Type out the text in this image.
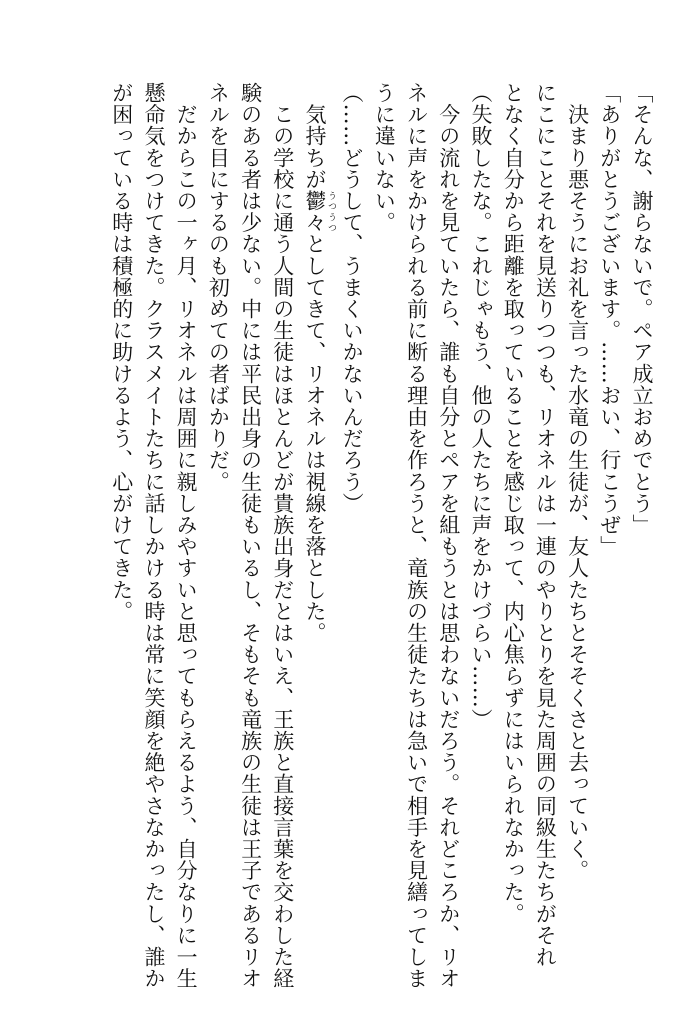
「そんな、謝らないで。ペア成立おめでとう」
「ありがとうございます。……おい、行こうぜ」
　決まり悪そうにお礼を言った水竜の生徒が、友人たちとそそくさと去っていく。
にこにことそれを見送りつつも、リオネルは一連のやりとりを見た周囲の同級生たちがそれ
となく自分から距離を取っていることを感じ取って、内心焦らずにはいられなかった。
（失敗したな。これじゃもう、他の人たちに声をかけづらい……）
　今の流れを見ていたら、誰も自分とペアを組もうとは思わないだろう。それどころか、リオ
ネルに声をかけられる前に断る理由を作ろうと、竜族の生徒たちは急いで相手を見繕ってしま
うに違いない。
（……どうして、うまくいかないんだろう）
　気持ちが鬱々 うつうつとしてきて、リオネルは視線を落とした。
　この学校に通う人間の生徒はほとんどが貴族出身だとはいえ、王族と直接言葉を交わした経
験のある者は少ない。中には平民出身の生徒もいるし、そもそも竜族の生徒は王子であるリオ
ネルを目にするのも初めての者ばかりだ。
　だからこの一ヶ月、リオネルは周囲に親しみやすいと思ってもらえるよう、自分なりに一生
懸命気をつけてきた。クラスメイトたちに話しかける時は常に笑顔を絶やさなかったし、誰か
が困っている時は積極的に助けるよう、心がけてきた。
